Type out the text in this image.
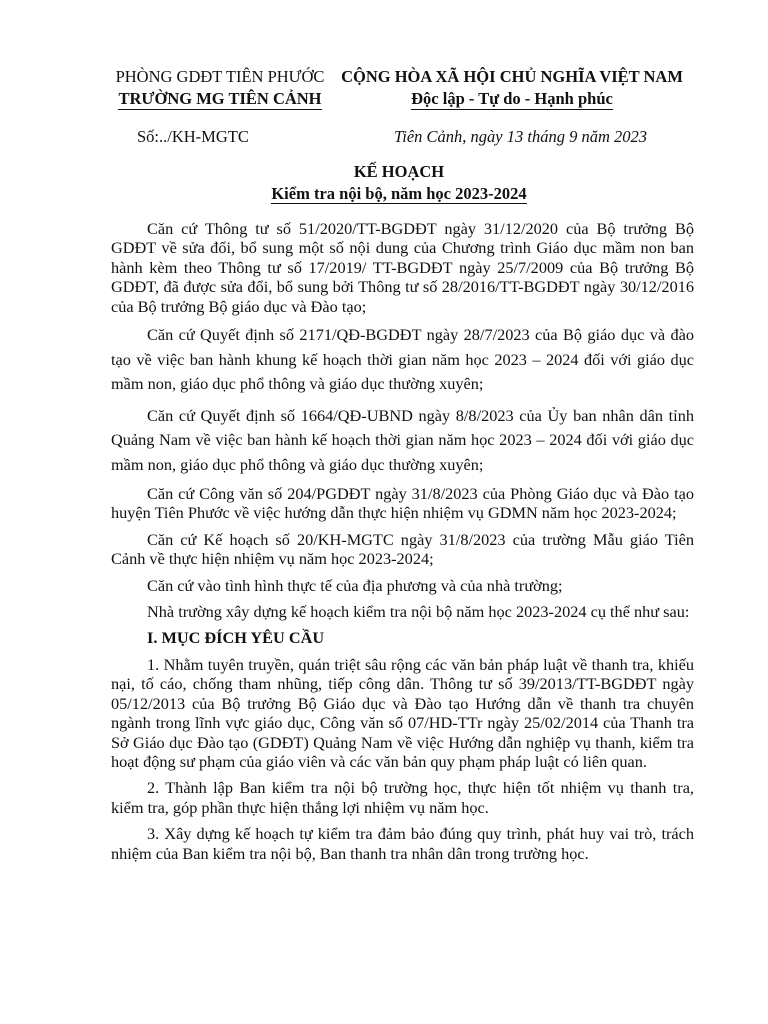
PHÒNG GDĐT TIÊN PHƯỚC
TRƯỜNG MG TIÊN CẢNH
CỘNG HÒA XÃ HỘI CHỦ NGHĨA VIỆT NAM
Độc lập - Tự do - Hạnh phúc
Số:../KH-MGTC	Tiên Cảnh, ngày 13 tháng 9 năm 2023
KẾ HOẠCH
Kiểm tra nội bộ, năm học 2023-2024

Căn cứ Thông tư số 51/2020/TT-BGDĐT ngày 31/12/2020 của Bộ trưởng Bộ GDĐT về sửa đổi, bổ sung một số nội dung của Chương trình Giáo dục mầm non ban hành kèm theo Thông tư số 17/2019/ TT-BGDĐT ngày 25/7/2009 của Bộ trưởng Bộ GDĐT, đã được sửa đổi, bổ sung bởi Thông tư số 28/2016/TT-BGDĐT ngày 30/12/2016 của Bộ trưởng Bộ giáo dục và Đào tạo;

Căn cứ Quyết định số 2171/QĐ-BGDĐT ngày 28/7/2023 của Bộ giáo dục và đào tạo về việc ban hành khung kế hoạch thời gian năm học 2023 – 2024 đối với giáo dục mầm non, giáo dục phổ thông và giáo dục thường xuyên;

Căn cứ Quyết định số 1664/QĐ-UBND ngày 8/8/2023 của Ủy ban nhân dân tỉnh Quảng Nam về việc ban hành kế hoạch thời gian năm học 2023 – 2024 đối với giáo dục mầm non, giáo dục phổ thông và giáo dục thường xuyên;

Căn cứ Công văn số 204/PGDĐT ngày 31/8/2023 của Phòng Giáo dục và Đào tạo huyện Tiên Phước về việc hướng dẫn thực hiện nhiệm vụ GDMN năm học 2023-2024;

Căn cứ Kế hoạch số 20/KH-MGTC ngày 31/8/2023 của trường Mẫu giáo Tiên Cảnh về thực hiện nhiệm vụ năm học 2023-2024;

Căn cứ vào tình hình thực tế của địa phương và của nhà trường;

Nhà trường xây dựng kế hoạch kiểm tra nội bộ năm học 2023-2024 cụ thể như sau:

I. MỤC ĐÍCH YÊU CẦU

1. Nhằm tuyên truyền, quán triệt sâu rộng các văn bản pháp luật về thanh tra, khiếu nại, tố cáo, chống tham nhũng, tiếp công dân. Thông tư số 39/2013/TT-BGDĐT ngày 05/12/2013 của Bộ trưởng Bộ Giáo dục và Đào tạo Hướng dẫn về thanh tra chuyên ngành trong lĩnh vực giáo dục, Công văn số 07/HD-TTr ngày 25/02/2014 của Thanh tra Sở Giáo dục Đào tạo (GDĐT) Quảng Nam về việc Hướng dẫn nghiệp vụ thanh, kiểm tra hoạt động sư phạm của giáo viên và các văn bản quy phạm pháp luật có liên quan.

2. Thành lập Ban kiểm tra nội bộ trường học, thực hiện tốt nhiệm vụ thanh tra, kiểm tra, góp phần thực hiện thắng lợi nhiệm vụ năm học.

3. Xây dựng kế hoạch tự kiểm tra đảm bảo đúng quy trình, phát huy vai trò, trách nhiệm của Ban kiểm tra nội bộ, Ban thanh tra nhân dân trong trường học.
